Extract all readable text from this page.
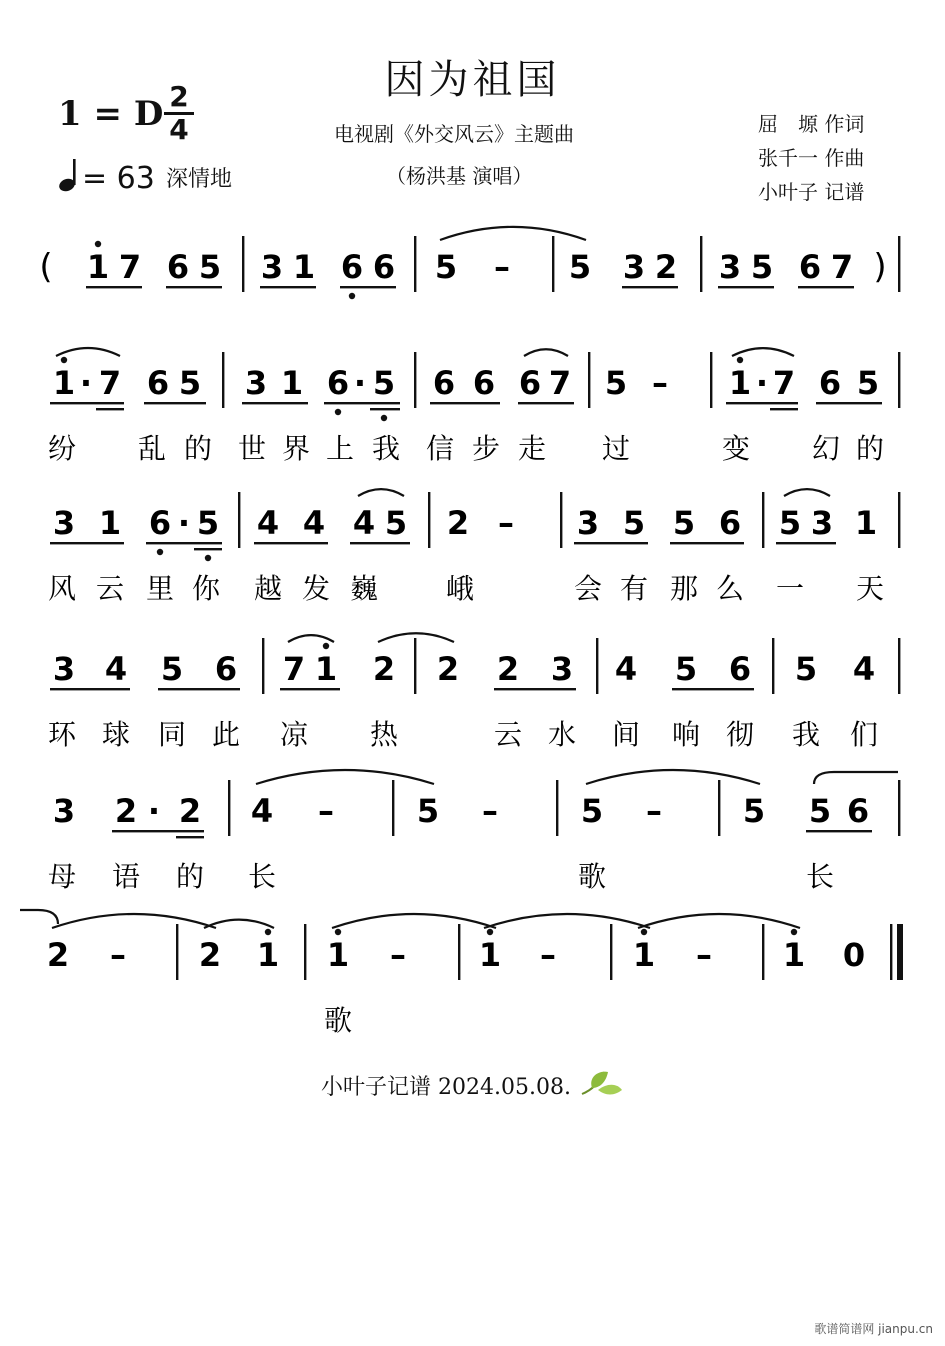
因为祖国
1 = D 2
4
= 63 深情地
电视剧《外交风云》主题曲
（杨洪基 演唱）
屈　塬 作词
张千一 作曲
小叶子 记谱
(	)
1 7 6 5 3 1 6 6 5 – 5 3 2 3 5 6 7
1 · 7 6 5 3 1 6 · 5 6 6 6 7 5 – 1 · 7 6 5
纷 乱 的 世 界 上 我 信 步 走 过	变 幻 的
3 1 6 · 5 4 4 4 5 2 – 3 5 5 6 5 3 1
风 云 里 你 越 发 巍 峨	会 有 那 么 一 天
3 4 5 6 7 1 2 2 2 3 4 5 6 5 4
环 球 同 此 凉 热	云 水 间 响 彻 我 们
3 2 · 2 4 –	5 –	5 –	5 5 6
母 语 的 长	歌	长
2 – 2 1 1 – 1 – 1 – 1 0
歌
小叶子记谱 2024.05.08.
歌谱简谱网 jianpu.cn
